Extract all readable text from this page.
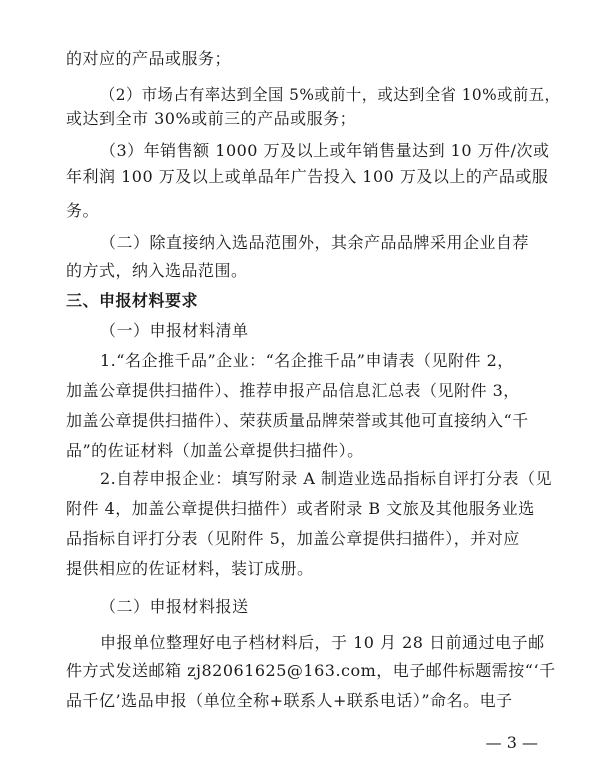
的对应的产品或服务；
（2）市场占有率达到全国 5%或前十，或达到全省 10%或前五，
或达到全市 30%或前三的产品或服务；
（3）年销售额 1000 万及以上或年销售量达到 10 万件/次或
年利润 100 万及以上或单品年广告投入 100 万及以上的产品或服
务。
（二）除直接纳入选品范围外，其余产品品牌采用企业自荐
的方式，纳入选品范围。
三、申报材料要求
（一）申报材料清单
1.“名企推千品”企业：“名企推千品”申请表（见附件 2，
加盖公章提供扫描件）、推荐申报产品信息汇总表（见附件 3，
加盖公章提供扫描件）、荣获质量品牌荣誉或其他可直接纳入“千
品”的佐证材料（加盖公章提供扫描件）。
2.自荐申报企业：填写附录 A 制造业选品指标自评打分表（见
附件 4，加盖公章提供扫描件）或者附录 B 文旅及其他服务业选
品指标自评打分表（见附件 5，加盖公章提供扫描件），并对应
提供相应的佐证材料，装订成册。
（二）申报材料报送
申报单位整理好电子档材料后，于 10 月 28 日前通过电子邮
件方式发送邮箱 zj82061625@163.com，电子邮件标题需按“‘千
品千亿’选品申报（单位全称+联系人+联系电话）”命名。电子
— 3 —
